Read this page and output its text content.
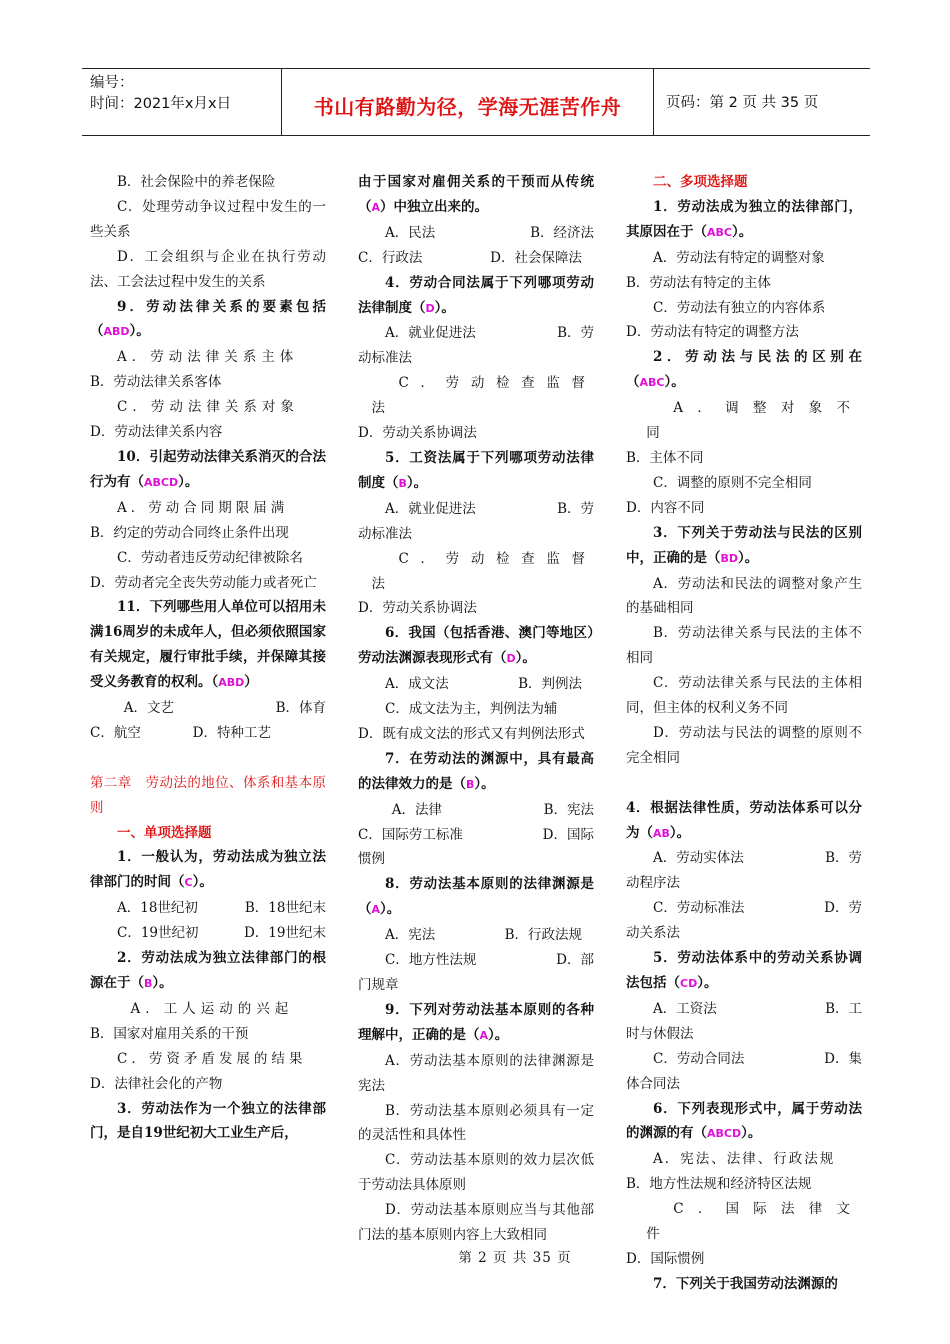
编号：
时间：2021年x月x日	书山有路勤为径，学海无涯苦作舟	页码：第 2 页 共 35 页
B．社会保险中的养老保险
C．处理劳动争议过程中发生的一些关系
D．工会组织与企业在执行劳动法、工会法过程中发生的关系
9．劳动法律关系的要素包括（ABD）。
A．劳动法律关系主体
B．劳动法律关系客体
C．劳动法律关系对象
D．劳动法律关系内容
10．引起劳动法律关系消灭的合法行为有（ABCD）。
A．劳动合同期限届满
B．约定的劳动合同终止条件出现
C．劳动者违反劳动纪律被除名
D．劳动者完全丧失劳动能力或者死亡
11．下列哪些用人单位可以招用未满16周岁的未成年人，但必须依照国家有关规定，履行审批手续，并保障其接受义务教育的权利。（ABD）
A．文艺	B．体育
C．航空	D．特种工艺
第二章　劳动法的地位、体系和基本原则
一、单项选择题
1．一般认为，劳动法成为独立法律部门的时间（C）。
A．18世纪初	B．18世纪末
C．19世纪初	D．19世纪末
2．劳动法成为独立法律部门的根源在于（B）。
A．工人运动的兴起
B．国家对雇用关系的干预
C．劳资矛盾发展的结果
D．法律社会化的产物
3．劳动法作为一个独立的法律部门，是自19世纪初大工业生产后，
由于国家对雇佣关系的干预而从传统（A）中独立出来的。
A．民法	B．经济法
C．行政法	D．社会保障法
4．劳动合同法属于下列哪项劳动法律制度（D）。
A．就业促进法	B．劳
动标准法
C．劳动检查监督法
D．劳动关系协调法
5．工资法属于下列哪项劳动法律制度（B）。
A．就业促进法	B．劳
动标准法
C．劳动检查监督法
D．劳动关系协调法
6．我国（包括香港、澳门等地区）劳动法渊源表现形式有（D）。
A．成文法	B．判例法
C．成文法为主，判例法为辅
D．既有成文法的形式又有判例法形式
7．在劳动法的渊源中，具有最高的法律效力的是（B）。
A．法律	B．宪法
C．国际劳工标准	D．国际
惯例
8．劳动法基本原则的法律渊源是（A）。
A．宪法	B．行政法规
C．地方性法规	D．部
门规章
9．下列对劳动法基本原则的各种理解中，正确的是（A）。
A．劳动法基本原则的法律渊源是宪法
B．劳动法基本原则必须具有一定的灵活性和具体性
C．劳动法基本原则的效力层次低于劳动法具体原则
D．劳动法基本原则应当与其他部门法的基本原则内容上大致相同
二、多项选择题
1．劳动法成为独立的法律部门，其原因在于（ABC）。
A．劳动法有特定的调整对象
B．劳动法有特定的主体
C．劳动法有独立的内容体系
D．劳动法有特定的调整方法
2．劳动法与民法的区别在（ABC）。
A．调整对象不同
B．主体不同
C．调整的原则不完全相同
D．内容不同
3．下列关于劳动法与民法的区别中，正确的是（BD）。
A．劳动法和民法的调整对象产生的基础相同
B．劳动法律关系与民法的主体不相同
C．劳动法律关系与民法的主体相同，但主体的权利义务不同
D．劳动法与民法的调整的原则不完全相同
4．根据法律性质，劳动法体系可以分为（AB）。
A．劳动实体法	B．劳
动程序法
C．劳动标准法	D．劳
动关系法
5．劳动法体系中的劳动关系协调法包括（CD）。
A．工资法	B．工
时与休假法
C．劳动合同法	D．集
体合同法
6．下列表现形式中，属于劳动法的渊源的有（ABCD）。
A．宪法、法律、行政法规
B．地方性法规和经济特区法规
C．国际法律文件
D．国际惯例
7．下列关于我国劳动法渊源的
第 2 页 共 35 页
